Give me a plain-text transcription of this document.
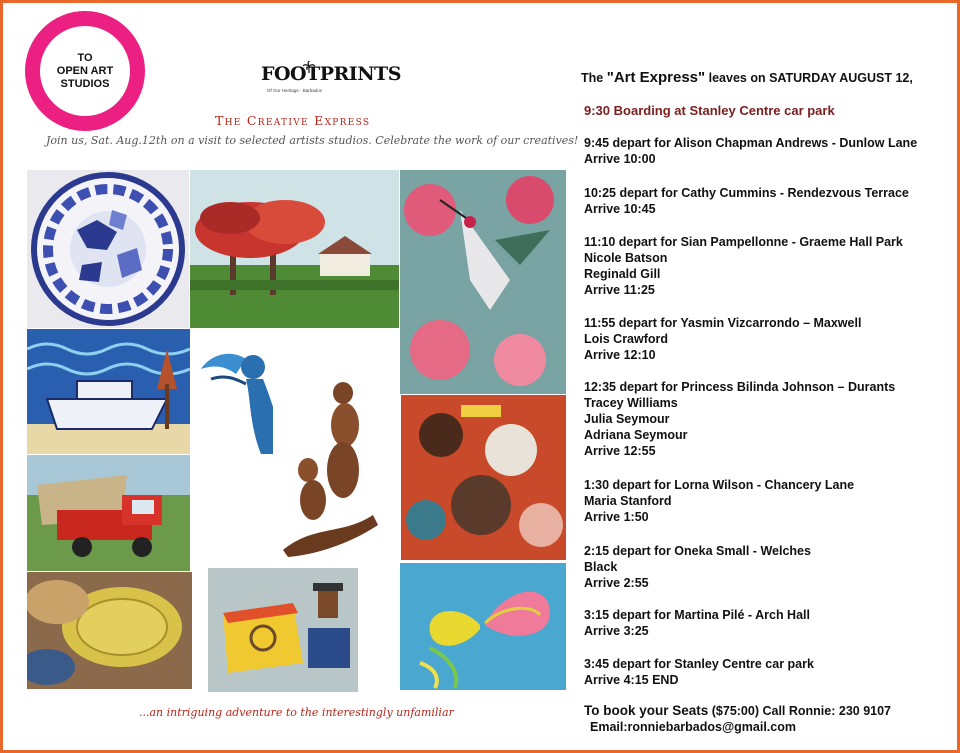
TO
OPEN ART
STUDIOS	FOOTPRINTS
Of Our Heritage - Barbados
The Creative Express
Join us, Sat. Aug.12th on a visit to selected artists studios. Celebrate the work of our creatives!
...an intriguing adventure to the interestingly unfamiliar
The "Art Express" leaves on SATURDAY AUGUST 12,
9:30 Boarding at Stanley Centre car park
9:45 depart for Alison Chapman Andrews - Dunlow Lane
Arrive 10:00
10:25 depart for Cathy Cummins - Rendezvous Terrace
Arrive 10:45
11:10 depart for Sian Pampellonne - Graeme Hall Park
Nicole Batson
Reginald Gill
Arrive 11:25
11:55 depart for Yasmin Vizcarrondo – Maxwell
Lois Crawford
Arrive 12:10
12:35 depart for Princess Bilinda Johnson – Durants
Tracey Williams
Julia Seymour
Adriana Seymour
Arrive 12:55
1:30 depart for Lorna Wilson - Chancery Lane
Maria Stanford
Arrive 1:50
2:15 depart for Oneka Small - Welches
Black
Arrive 2:55
3:15 depart for Martina Pilé - Arch Hall
Arrive 3:25
3:45 depart for Stanley Centre car park
Arrive 4:15 END
To book your Seats ($75:00) Call Ronnie: 230 9107
Email:ronniebarbados@gmail.com
